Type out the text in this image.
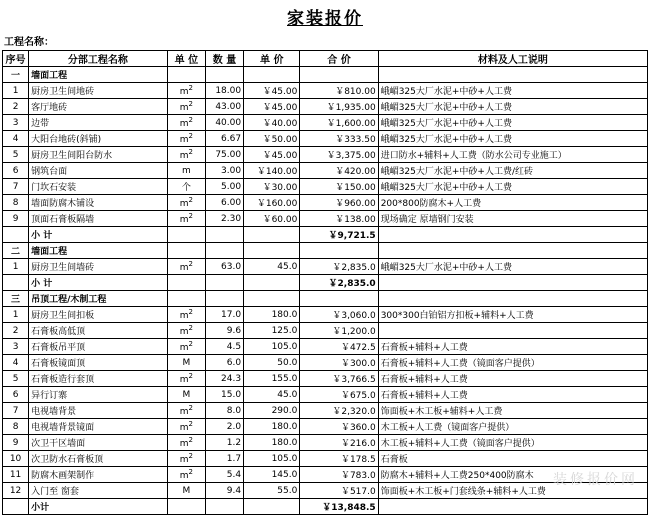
家装报价
工程名称：
序号	分部工程名称	单 位	数 量	单 价	合 价	材料及人工说明
一	墙面工程					
1	厨房卫生间地砖	$m^2$	18.00	￥45.00	￥810.00	峨嵋325大厂水泥+中砂+人工费
2	客厅地砖	$m^2$	43.00	￥45.00	￥1,935.00	峨嵋325大厂水泥+中砂+人工费
3	边带	$m^2$	40.00	￥40.00	￥1,600.00	峨嵋325大厂水泥+中砂+人工费
4	大阳台地砖(斜铺)	$m^2$	6.67	￥50.00	￥333.50	峨嵋325大厂水泥+中砂+人工费
5	厨房卫生间阳台防水	$m^2$	75.00	￥45.00	￥3,375.00	进口防水+辅料+人工费（防水公司专业施工）
6	钢筑台面	m	3.00	￥140.00	￥420.00	峨嵋325大厂水泥+中砂+人工费/红砖
7	门坎石安装	个	5.00	￥30.00	￥150.00	峨嵋325大厂水泥+中砂+人工费
8	墙面防腐木铺设	$m^2$	6.00	￥160.00	￥960.00	200*800防腐木+人工费
9	顶面石膏板隔墙	$m^2$	2.30	￥60.00	￥138.00	现场确定 原墙钢门安装
	小 计				￥9,721.5	
二	墙面工程					
1	厨房卫生间墙砖	$m^2$	63.0	45.0	￥2,835.0	峨嵋325大厂水泥+中砂+人工费
	小 计				￥2,835.0	
三	吊顶工程/木制工程					
1	厨房卫生间扣板	$m^2$	17.0	180.0	￥3,060.0	300*300白铂铝方扣板+辅料+人工费
2	石膏板高低顶	$m^2$	9.6	125.0	￥1,200.0	
3	石膏板吊平顶	$m^2$	4.5	105.0	￥472.5	石膏板+辅料+人工费
4	石膏板镜面顶	M	6.0	50.0	￥300.0	石膏板+辅料+人工费（镜面客户提供）
5	石膏板造行套顶	$m^2$	24.3	155.0	￥3,766.5	石膏板+辅料+人工费
6	异行订寨	M	15.0	45.0	￥675.0	石膏板+辅料+人工费
7	电视墙背景	$m^2$	8.0	290.0	￥2,320.0	饰面板+木工板+辅料+人工费
8	电视墙背景镜面	$m^2$	2.0	180.0	￥360.0	木工板+人工费（镜面客户提供）
9	次卫干区墙面	$m^2$	1.2	180.0	￥216.0	木工板+辅料+人工费（镜面客户提供）
10	次卫防水石膏板顶	$m^2$	1.7	105.0	￥178.5	石膏板
11	防腐木画架制作	$m^2$	5.4	145.0	￥783.0	防腐木+辅料+人工费250*400防腐木
12	入门至 窗套	M	9.4	55.0	￥517.0	饰面板+木工板+门套线条+辅料+人工费
	小计				￥13,848.5	
装修报价网
